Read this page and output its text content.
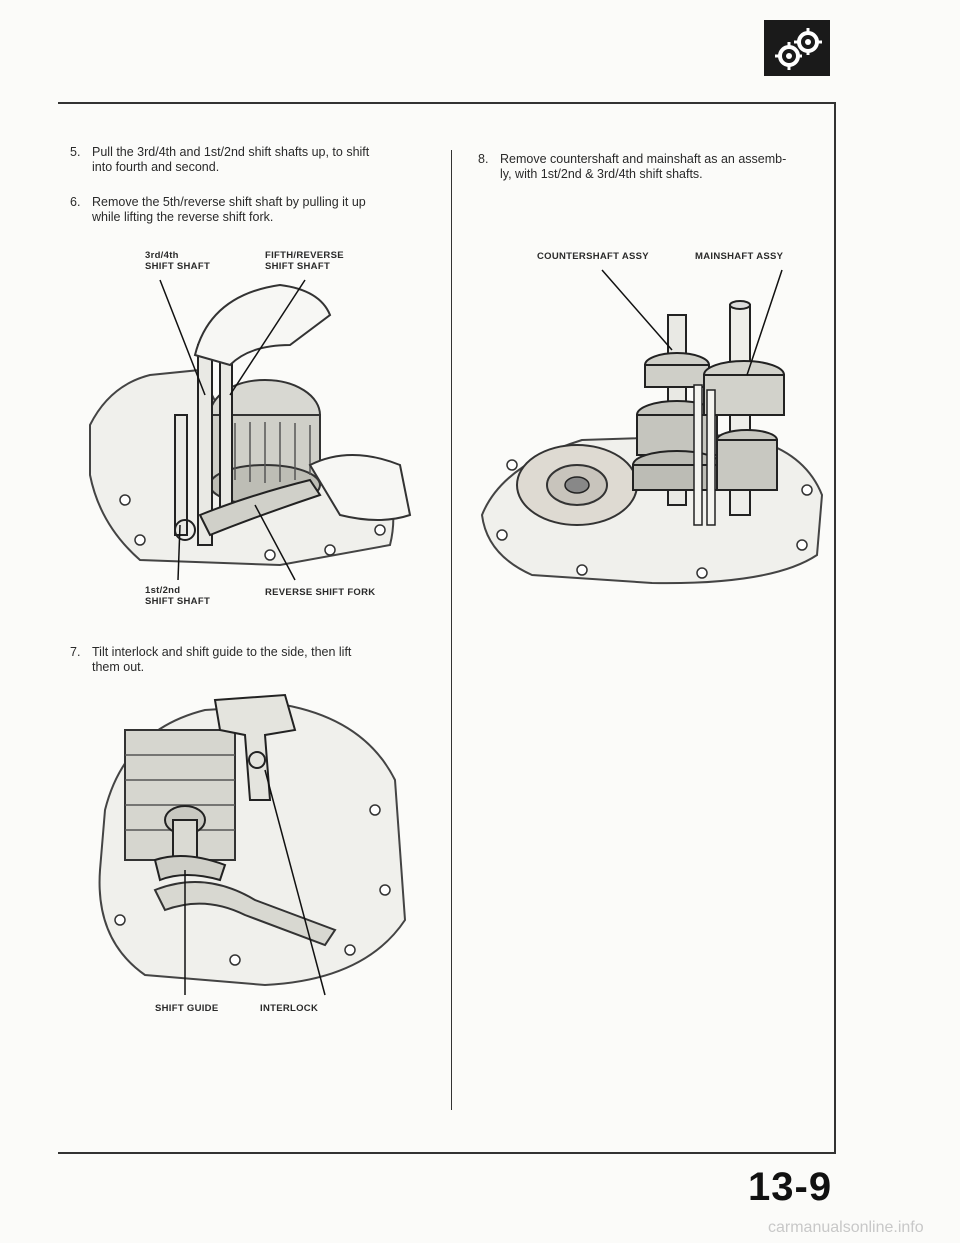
5. Pull the 3rd/4th and 1st/2nd shift shafts up, to shift
into fourth and second.
6. Remove the 5th/reverse shift shaft by pulling it up
while lifting the reverse shift fork.
3rd/4th
SHIFT SHAFT
FIFTH/REVERSE
SHIFT SHAFT
1st/2nd
SHIFT SHAFT
REVERSE SHIFT FORK
7. Tilt interlock and shift guide to the side, then lift
them out.
SHIFT GUIDE	INTERLOCK
8. Remove countershaft and mainshaft as an assemb-
ly, with 1st/2nd & 3rd/4th shift shafts.
COUNTERSHAFT ASSY	MAINSHAFT ASSY
13-9
carmanualsonline.info
